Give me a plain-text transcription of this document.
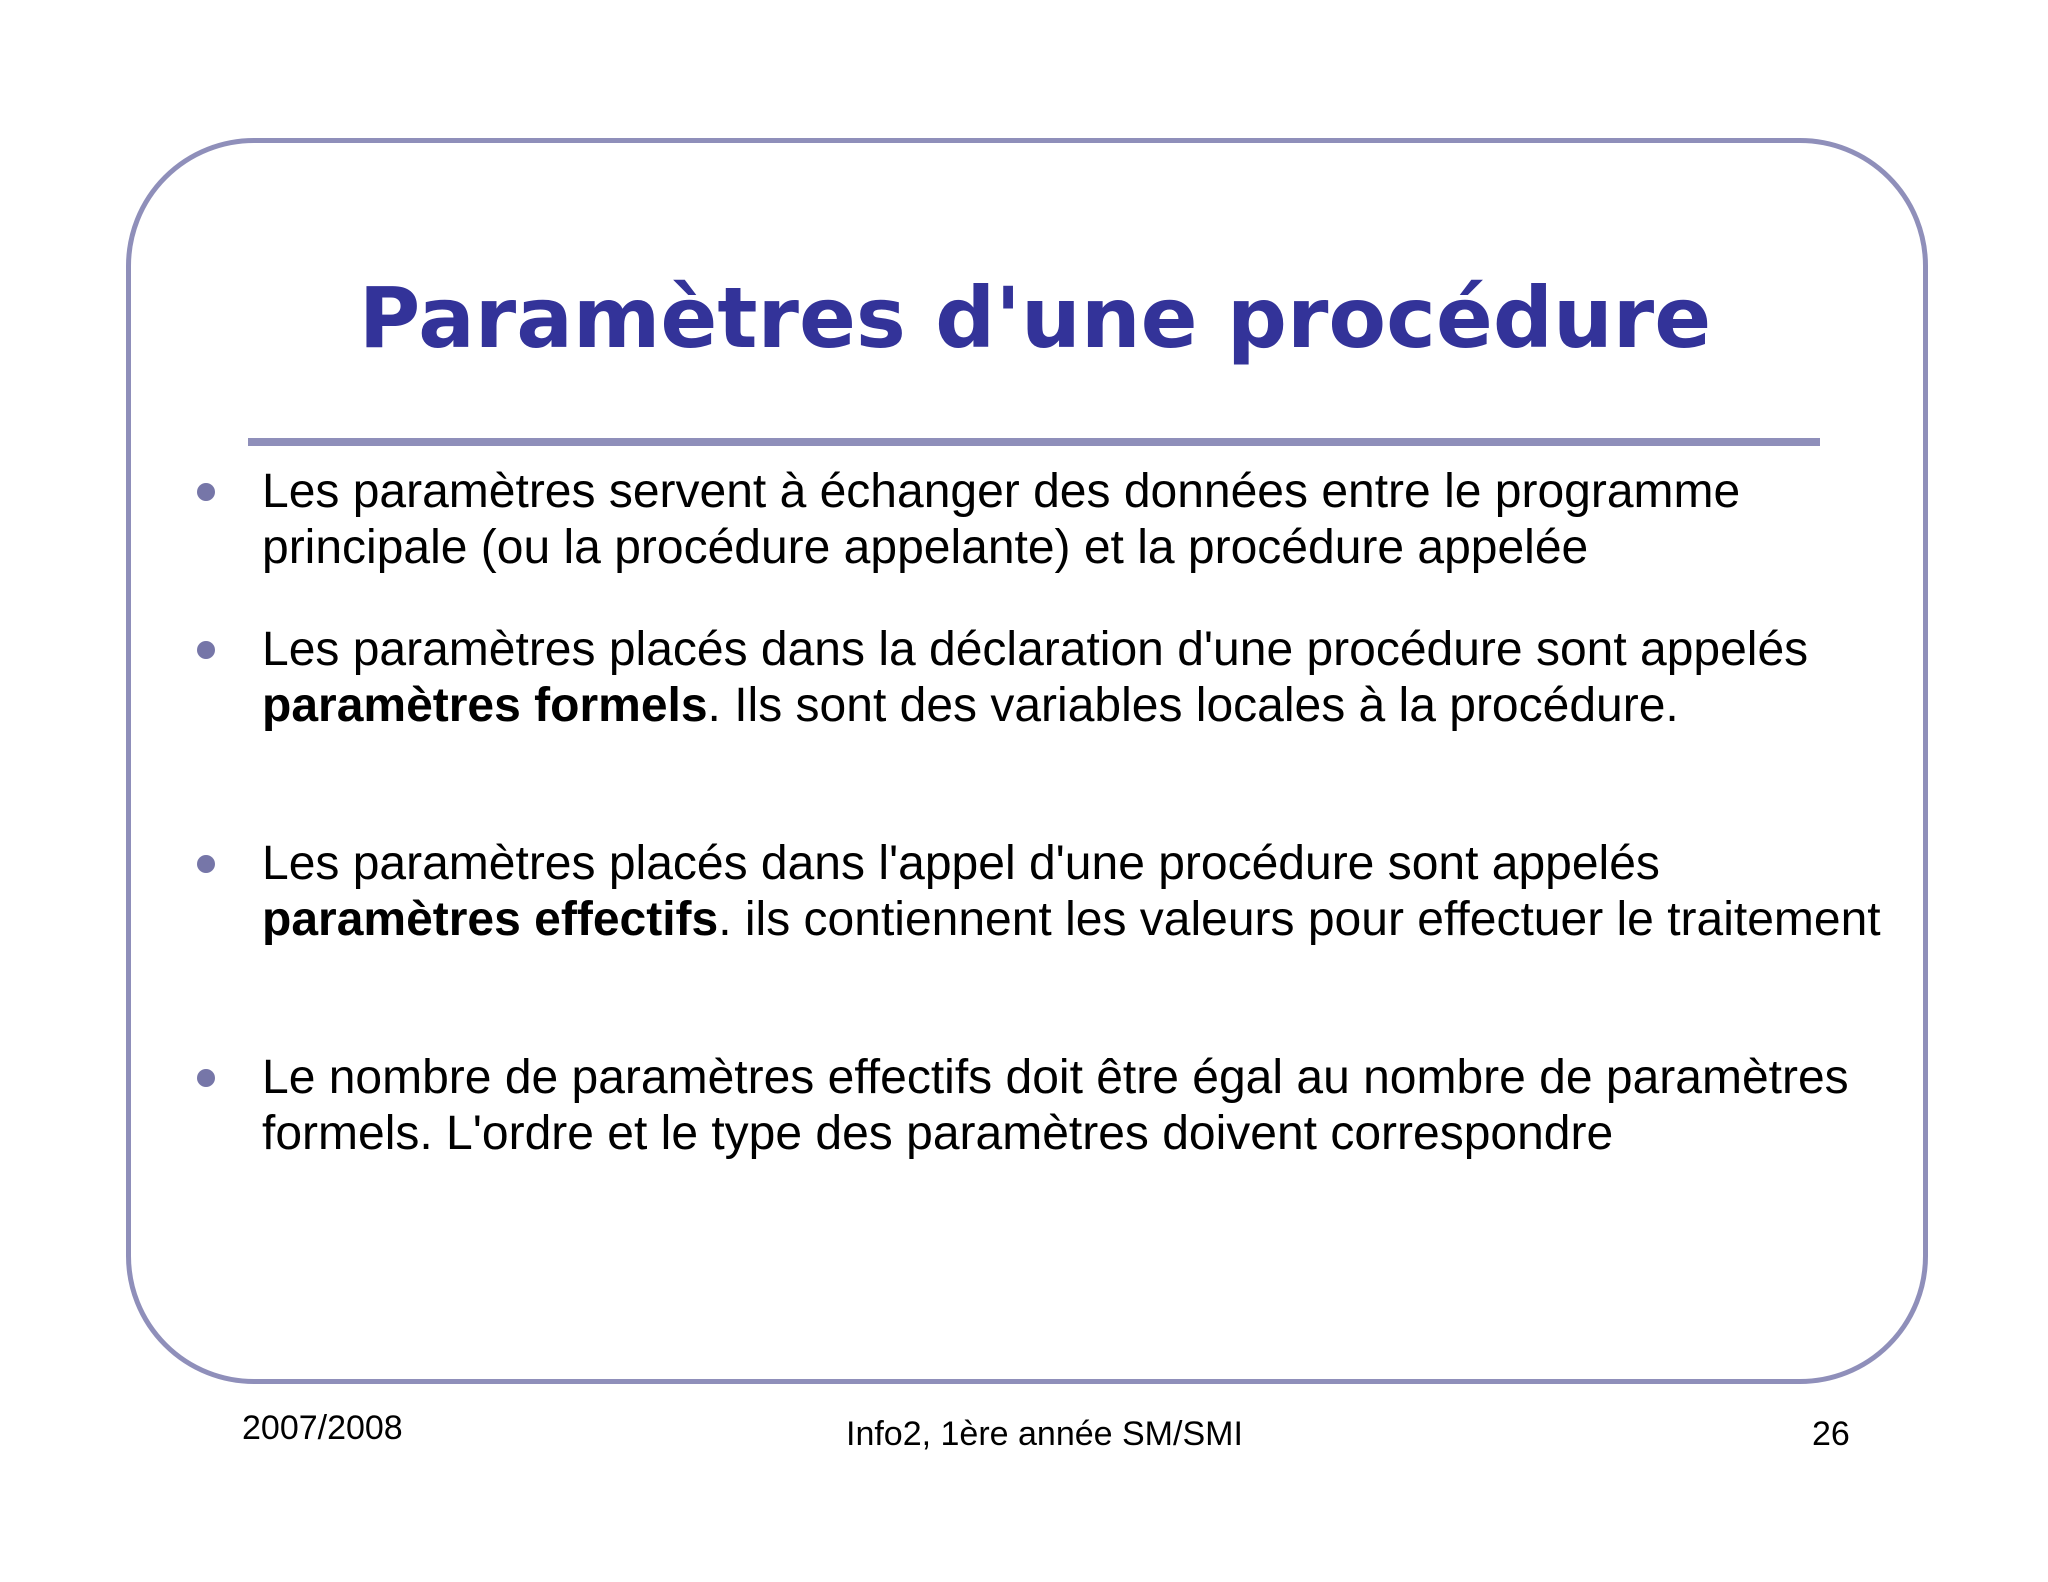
Paramètres d'une procédure
Les paramètres servent à échanger des données entre le programme principale (ou la procédure appelante) et la procédure appelée
Les paramètres placés dans la déclaration d'une procédure sont appelés paramètres formels. Ils sont des variables locales à la procédure.
Les paramètres placés dans l'appel d'une procédure sont appelés paramètres effectifs. ils contiennent les valeurs pour effectuer le traitement
Le nombre de paramètres effectifs doit être égal au nombre de paramètres formels. L'ordre et le type des paramètres doivent correspondre
2007/2008	Info2, 1ère année SM/SMI	26
